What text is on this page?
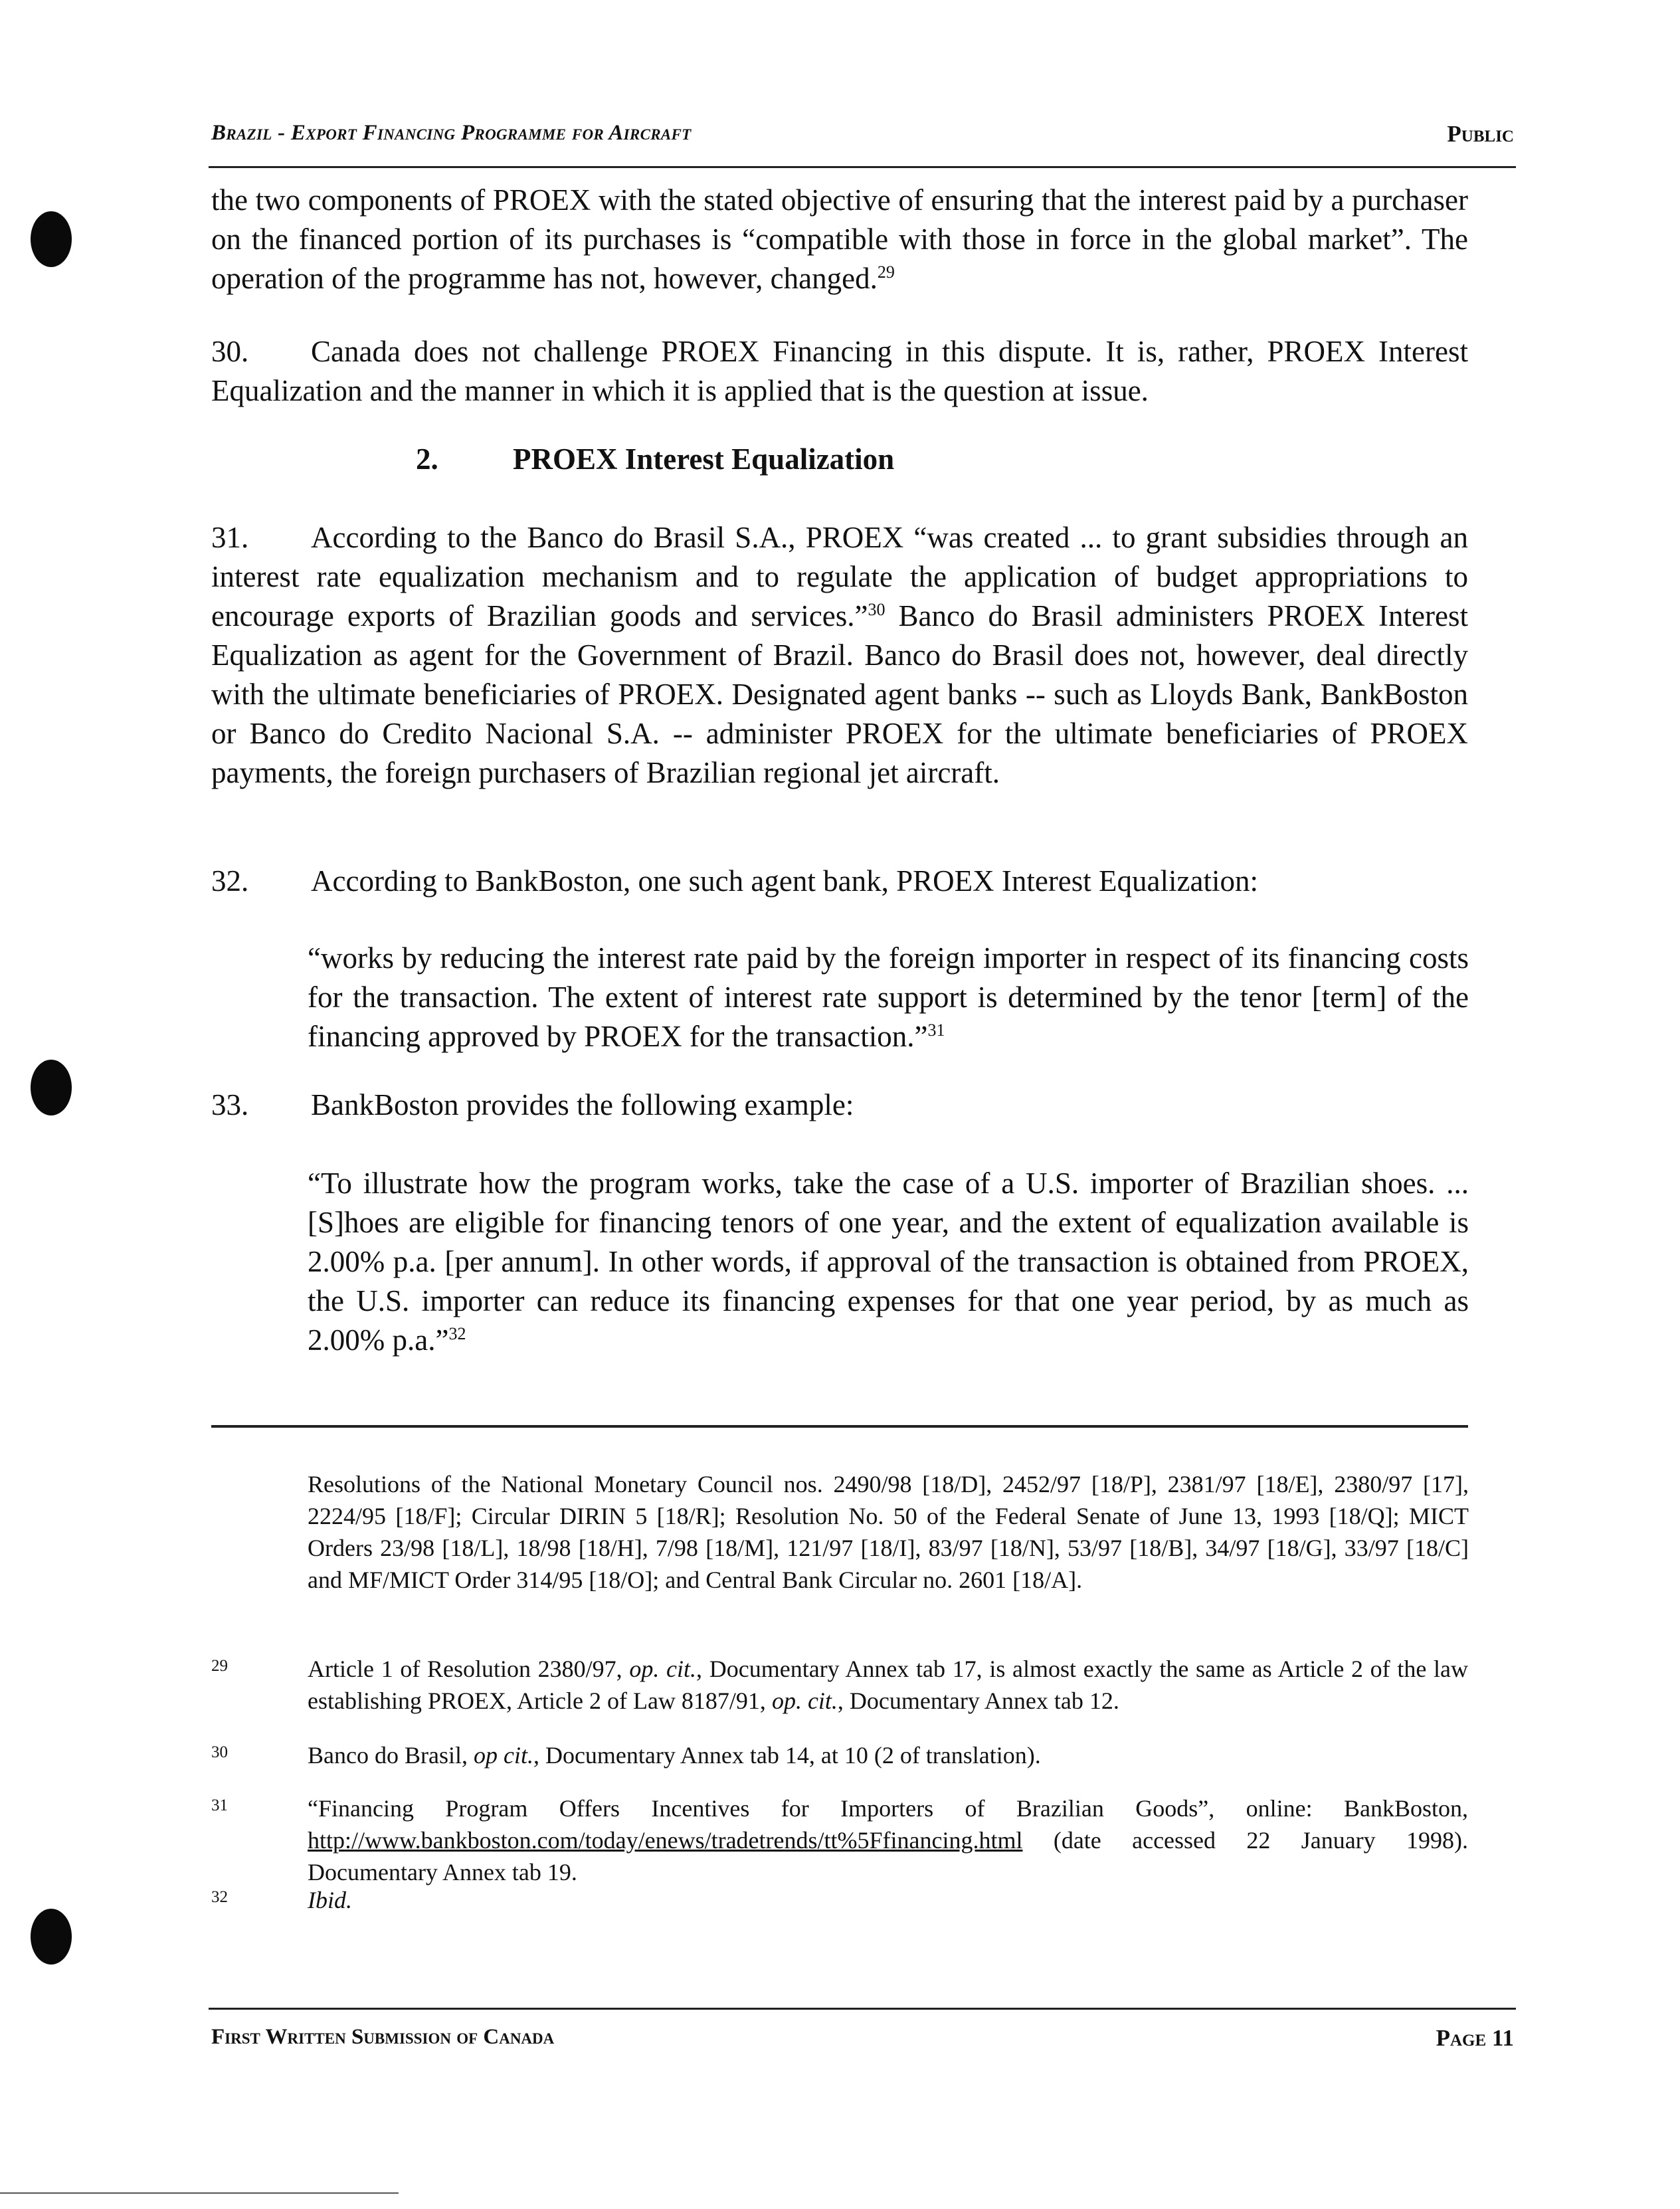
Brazil - Export Financing Programme for Aircraft	Public

the two components of PROEX with the stated objective of ensuring that the interest paid by a purchaser on the financed portion of its purchases is “compatible with those in force in the global market”. The operation of the programme has not, however, changed.$^{29}$

30. Canada does not challenge PROEX Financing in this dispute. It is, rather, PROEX Interest Equalization and the manner in which it is applied that is the question at issue.

2. PROEX Interest Equalization

31. According to the Banco do Brasil S.A., PROEX “was created ... to grant subsidies through an interest rate equalization mechanism and to regulate the application of budget appropriations to encourage exports of Brazilian goods and services.”$^{30}$ Banco do Brasil administers PROEX Interest Equalization as agent for the Government of Brazil. Banco do Brasil does not, however, deal directly with the ultimate beneficiaries of PROEX. Designated agent banks -- such as Lloyds Bank, BankBoston or Banco do Credito Nacional S.A. -- administer PROEX for the ultimate beneficiaries of PROEX payments, the foreign purchasers of Brazilian regional jet aircraft.

32. According to BankBoston, one such agent bank, PROEX Interest Equalization:

“works by reducing the interest rate paid by the foreign importer in respect of its financing costs for the transaction. The extent of interest rate support is determined by the tenor [term] of the financing approved by PROEX for the transaction.”$^{31}$

33. BankBoston provides the following example:

“To illustrate how the program works, take the case of a U.S. importer of Brazilian shoes. ... [S]hoes are eligible for financing tenors of one year, and the extent of equalization available is 2.00% p.a. [per annum]. In other words, if approval of the transaction is obtained from PROEX, the U.S. importer can reduce its financing expenses for that one year period, by as much as 2.00% p.a.”$^{32}$
Resolutions of the National Monetary Council nos. 2490/98 [18/D], 2452/97 [18/P], 2381/97 [18/E], 2380/97 [17], 2224/95 [18/F]; Circular DIRIN 5 [18/R]; Resolution No. 50 of the Federal Senate of June 13, 1993 [18/Q]; MICT Orders 23/98 [18/L], 18/98 [18/H], 7/98 [18/M], 121/97 [18/I], 83/97 [18/N], 53/97 [18/B], 34/97 [18/G], 33/97 [18/C] and MF/MICT Order 314/95 [18/O]; and Central Bank Circular no. 2601 [18/A].
29	Article 1 of Resolution 2380/97, op. cit., Documentary Annex tab 17, is almost exactly the same as Article 2 of the law establishing PROEX, Article 2 of Law 8187/91, op. cit., Documentary Annex tab 12.
30	Banco do Brasil, op cit., Documentary Annex tab 14, at 10 (2 of translation).
31	“Financing Program Offers Incentives for Importers of Brazilian Goods”, online: BankBoston, http://www.bankboston.com/today/enews/tradetrends/tt%5Ffinancing.html (date accessed 22 January 1998). Documentary Annex tab 19.
32	Ibid.
First Written Submission of Canada	Page 11
